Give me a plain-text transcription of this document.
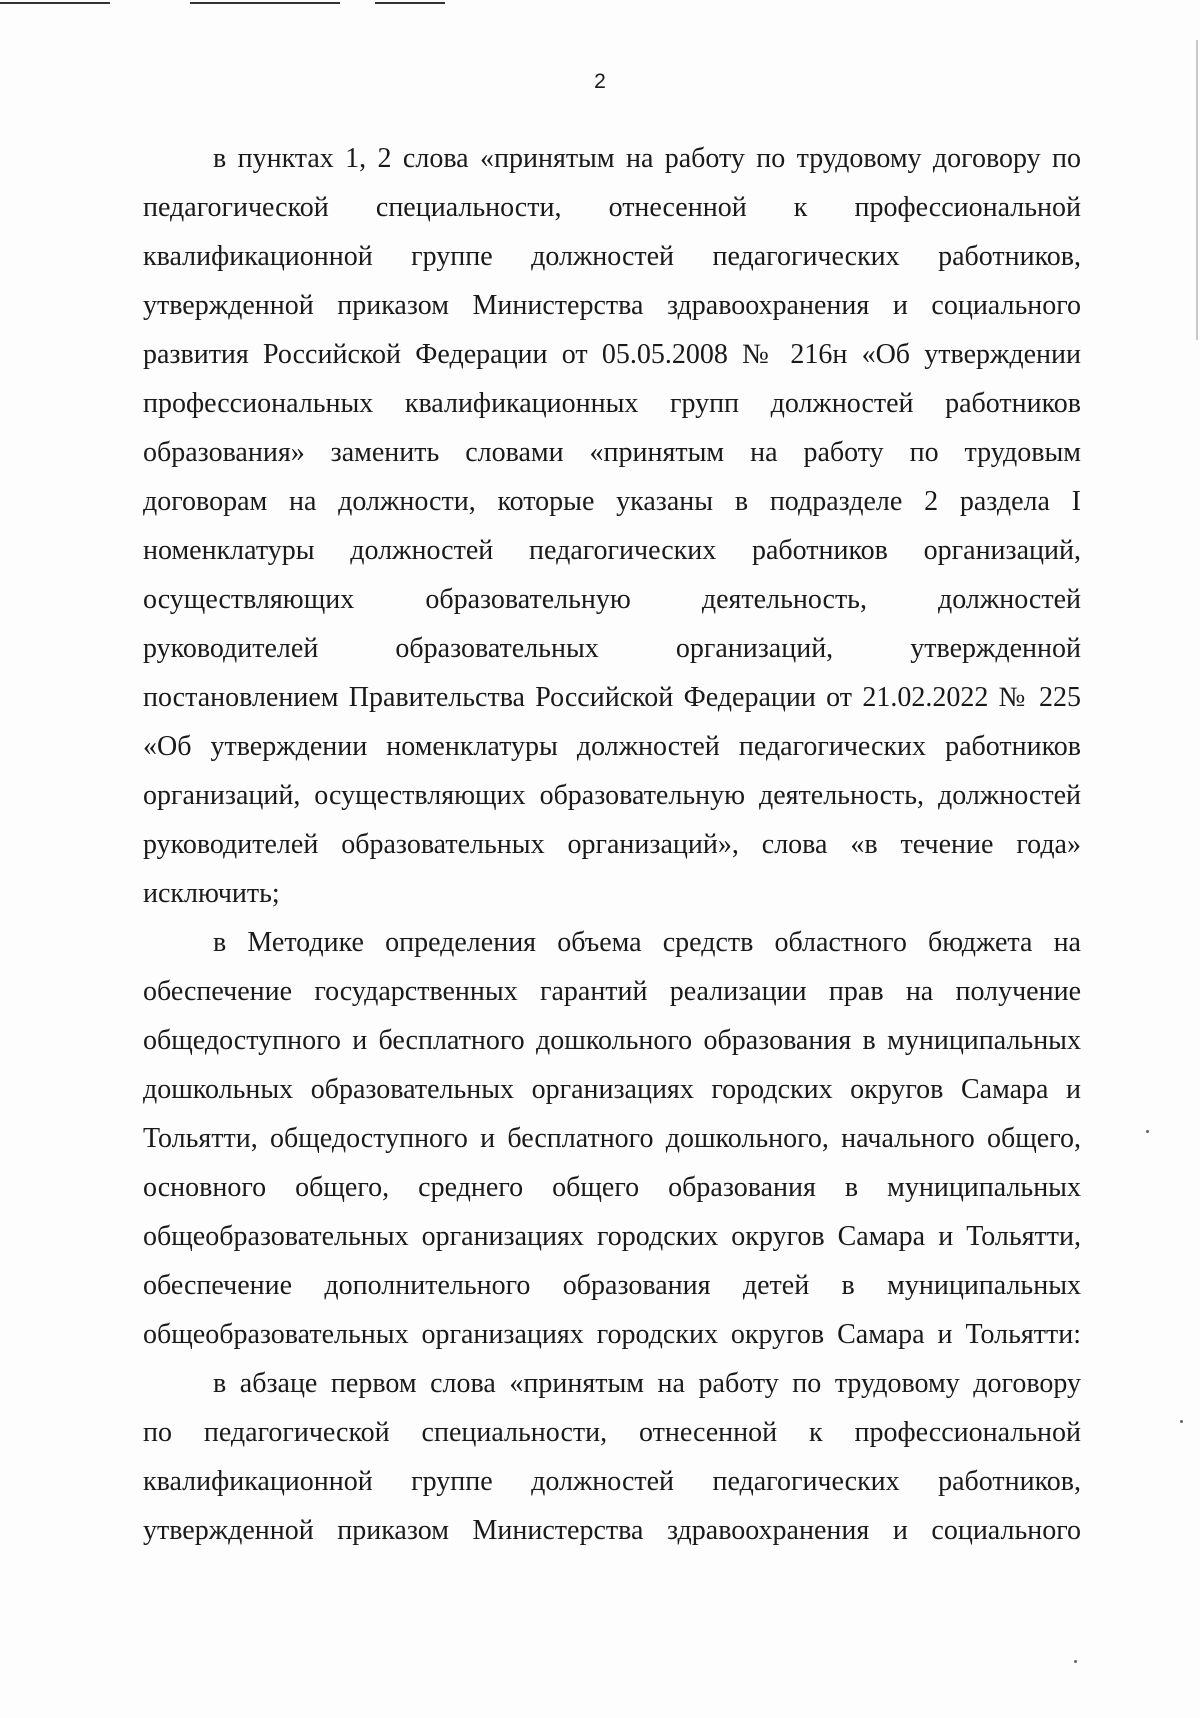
2
в пунктах 1, 2 слова «принятым на работу по трудовому договору по
педагогической специальности, отнесенной к профессиональной
квалификационной группе должностей педагогических работников,
утвержденной приказом Министерства здравоохранения и социального
развития Российской Федерации от 05.05.2008 № 216н «Об утверждении
профессиональных квалификационных групп должностей работников
образования» заменить словами «принятым на работу по трудовым
договорам на должности, которые указаны в подразделе 2 раздела I
номенклатуры должностей педагогических работников организаций,
осуществляющих образовательную деятельность, должностей
руководителей образовательных организаций, утвержденной
постановлением Правительства Российской Федерации от 21.02.2022 № 225
«Об утверждении номенклатуры должностей педагогических работников
организаций, осуществляющих образовательную деятельность, должностей
руководителей образовательных организаций», слова «в течение года»
исключить;
в Методике определения объема средств областного бюджета на
обеспечение государственных гарантий реализации прав на получение
общедоступного и бесплатного дошкольного образования в муниципальных
дошкольных образовательных организациях городских округов Самара и
Тольятти, общедоступного и бесплатного дошкольного, начального общего,
основного общего, среднего общего образования в муниципальных
общеобразовательных организациях городских округов Самара и Тольятти,
обеспечение дополнительного образования детей в муниципальных
общеобразовательных организациях городских округов Самара и Тольятти:
в абзаце первом слова «принятым на работу по трудовому договору
по педагогической специальности, отнесенной к профессиональной
квалификационной группе должностей педагогических работников,
утвержденной приказом Министерства здравоохранения и социального
